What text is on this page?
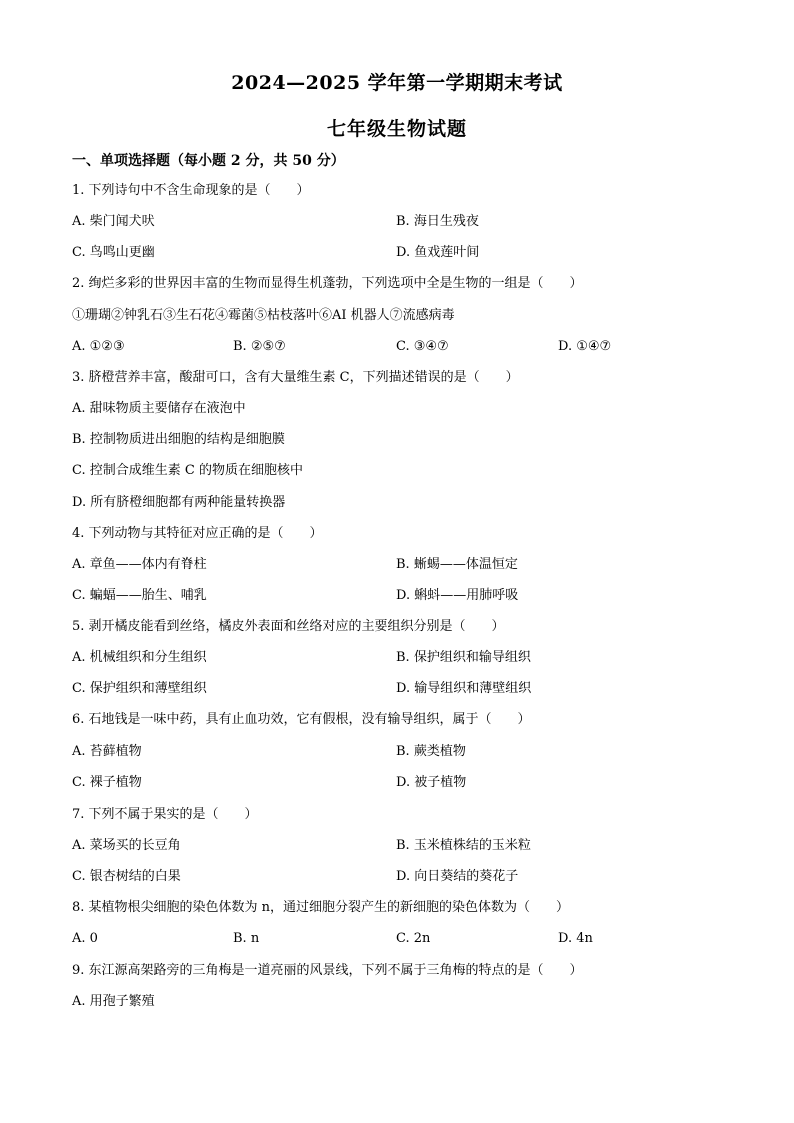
2024—2025 学年第一学期期末考试
七年级生物试题
一、单项选择题（每小题 2 分，共 50 分）
1. 下列诗句中不含生命现象的是（　　）
A. 柴门闻犬吠	B. 海日生残夜
C. 鸟鸣山更幽	D. 鱼戏莲叶间
2. 绚烂多彩的世界因丰富的生物而显得生机蓬勃，下列选项中全是生物的一组是（　　）
①珊瑚②钟乳石③生石花④霉菌⑤枯枝落叶⑥AI 机器人⑦流感病毒
A. ①②③	B. ②⑤⑦	C. ③④⑦	D. ①④⑦
3. 脐橙营养丰富，酸甜可口，含有大量维生素 C，下列描述错误的是（　　）
A. 甜味物质主要储存在液泡中
B. 控制物质进出细胞的结构是细胞膜
C. 控制合成维生素 C 的物质在细胞核中
D. 所有脐橙细胞都有两种能量转换器
4. 下列动物与其特征对应正确的是（　　）
A. 章鱼——体内有脊柱	B. 蜥蜴——体温恒定
C. 蝙蝠——胎生、哺乳	D. 蝌蚪——用肺呼吸
5. 剥开橘皮能看到丝络，橘皮外表面和丝络对应的主要组织分别是（　　）
A. 机械组织和分生组织	B. 保护组织和输导组织
C. 保护组织和薄壁组织	D. 输导组织和薄壁组织
6. 石地钱是一味中药，具有止血功效，它有假根，没有输导组织，属于（　　）
A. 苔藓植物	B. 蕨类植物
C. 裸子植物	D. 被子植物
7. 下列不属于果实的是（　　）
A. 菜场买的长豆角	B. 玉米植株结的玉米粒
C. 银杏树结的白果	D. 向日葵结的葵花子
8. 某植物根尖细胞的染色体数为 n，通过细胞分裂产生的新细胞的染色体数为（　　）
A. 0	B. n	C. 2n	D. 4n
9. 东江源高架路旁的三角梅是一道亮丽的风景线，下列不属于三角梅的特点的是（　　）
A. 用孢子繁殖
